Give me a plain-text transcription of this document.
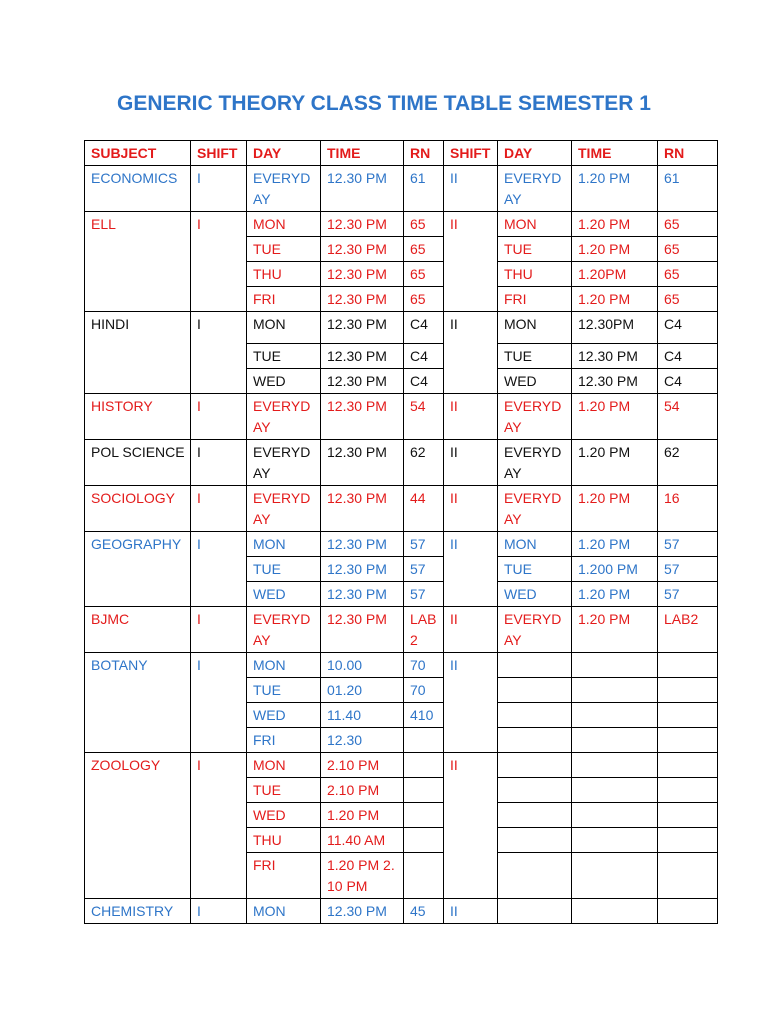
GENERIC THEORY CLASS TIME TABLE SEMESTER 1
SUBJECT	SHIFT	DAY	TIME	RN	SHIFT	DAY	TIME	RN
ECONOMICS	I	EVERYDAY	12.30 PM	61	II	EVERYDAY	1.20 PM	61
ELL	I	MON	12.30 PM	65	II	MON	1.20 PM	65
		TUE	12.30 PM	65		TUE	1.20 PM	65
		THU	12.30 PM	65		THU	1.20PM	65
		FRI	12.30 PM	65		FRI	1.20 PM	65
HINDI	I	MON	12.30 PM	C4	II	MON	12.30PM	C4
		TUE	12.30 PM	C4		TUE	12.30 PM	C4
		WED	12.30 PM	C4		WED	12.30 PM	C4
HISTORY	I	EVERYDAY	12.30 PM	54	II	EVERYDAY	1.20 PM	54
POL SCIENCE	I	EVERYDAY	12.30 PM	62	II	EVERYDAY	1.20 PM	62
SOCIOLOGY	I	EVERYDAY	12.30 PM	44	II	EVERYDAY	1.20 PM	16
GEOGRAPHY	I	MON	12.30 PM	57	II	MON	1.20 PM	57
		TUE	12.30 PM	57		TUE	1.200 PM	57
		WED	12.30 PM	57		WED	1.20 PM	57
BJMC	I	EVERYDAY	12.30 PM	LAB2	II	EVERYDAY	1.20 PM	LAB2
BOTANY	I	MON	10.00	70	II			
		TUE	01.20	70				
		WED	11.40	410				
		FRI	12.30					
ZOOLOGY	I	MON	2.10 PM		II			
		TUE	2.10 PM					
		WED	1.20 PM					
		THU	11.40 AM					
		FRI	1.20 PM 2.10 PM					
CHEMISTRY	I	MON	12.30 PM	45	II			
